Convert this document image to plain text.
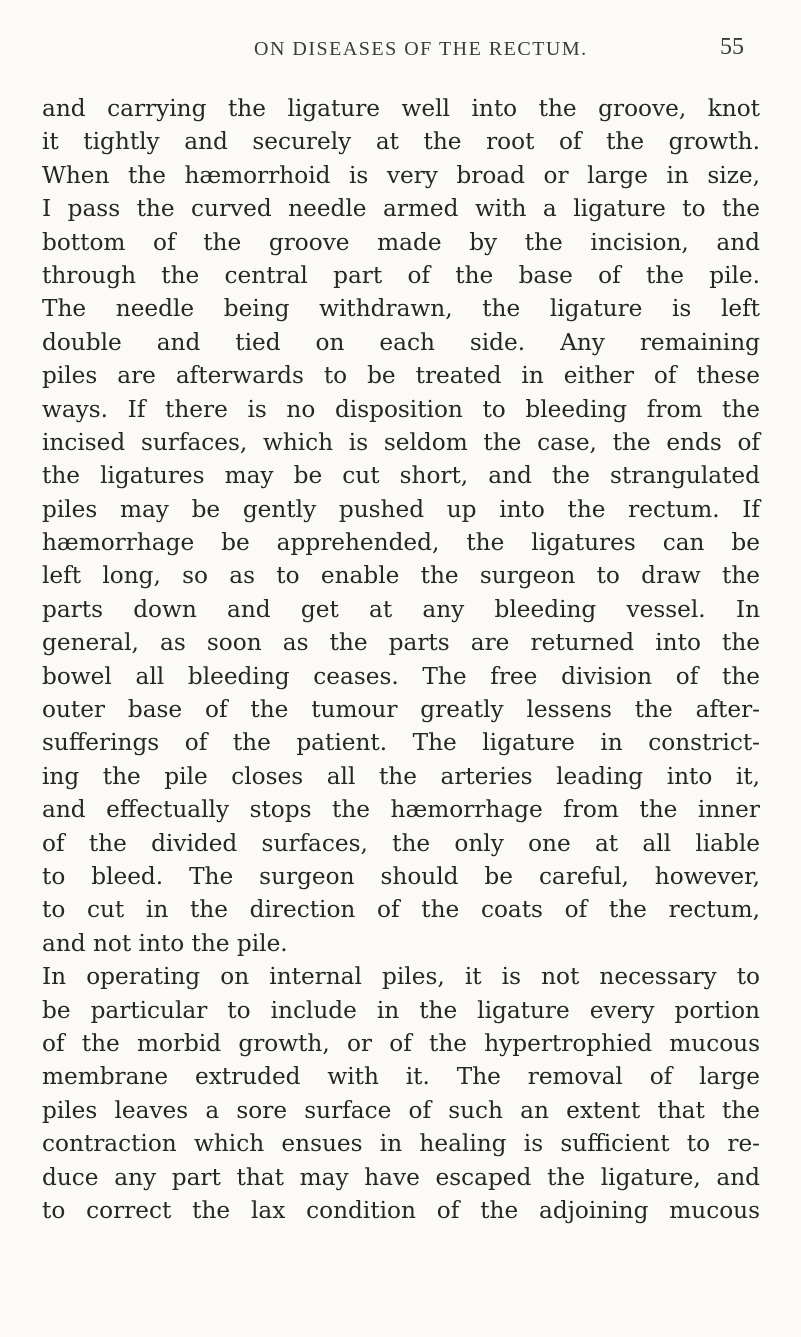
ON DISEASES OF THE RECTUM.	55
and carrying the ligature well into the groove, knot
it tightly and securely at the root of the growth.
When the hæmorrhoid is very broad or large in size,
I pass the curved needle armed with a ligature to the
bottom of the groove made by the incision, and
through the central part of the base of the pile.
The needle being withdrawn, the ligature is left
double and tied on each side. Any remaining
piles are afterwards to be treated in either of these
ways. If there is no disposition to bleeding from the
incised surfaces, which is seldom the case, the ends of
the ligatures may be cut short, and the strangulated
piles may be gently pushed up into the rectum. If
hæmorrhage be apprehended, the ligatures can be
left long, so as to enable the surgeon to draw the
parts down and get at any bleeding vessel. In
general, as soon as the parts are returned into the
bowel all bleeding ceases. The free division of the
outer base of the tumour greatly lessens the after-
sufferings of the patient. The ligature in constrict-
ing the pile closes all the arteries leading into it,
and effectually stops the hæmorrhage from the inner
of the divided surfaces, the only one at all liable
to bleed. The surgeon should be careful, however,
to cut in the direction of the coats of the rectum,
and not into the pile.
In operating on internal piles, it is not necessary to
be particular to include in the ligature every portion
of the morbid growth, or of the hypertrophied mucous
membrane extruded with it. The removal of large
piles leaves a sore surface of such an extent that the
contraction which ensues in healing is sufficient to re-
duce any part that may have escaped the ligature, and
to correct the lax condition of the adjoining mucous
